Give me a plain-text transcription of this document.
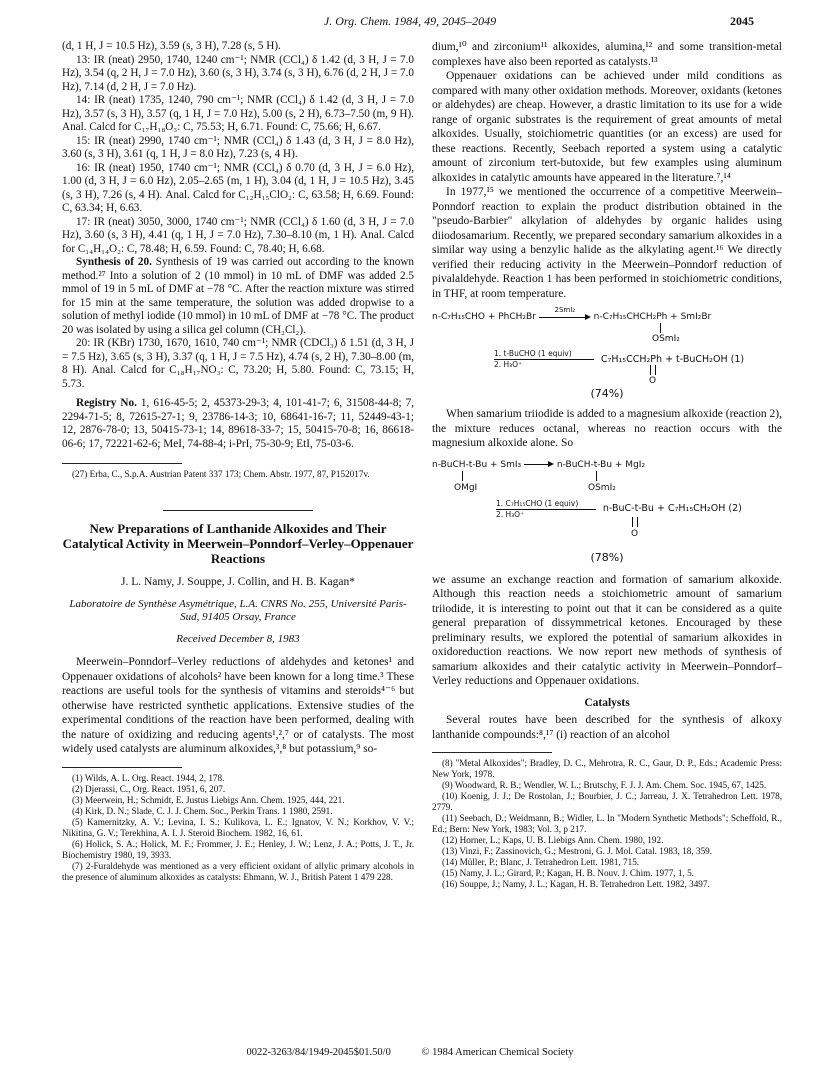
J. Org. Chem. 1984, 49, 2045–2049	2045

(d, 1 H, J = 10.5 Hz), 3.59 (s, 3 H), 7.28 (s, 5 H).

13: IR (neat) 2950, 1740, 1240 cm⁻¹; NMR (CCl₄) δ 1.42 (d, 3 H, J = 7.0 Hz), 3.54 (q, 2 H, J = 7.0 Hz), 3.60 (s, 3 H), 3.74 (s, 3 H), 6.76 (d, 2 H, J = 7.0 Hz), 7.14 (d, 2 H, J = 7.0 Hz).

14: IR (neat) 1735, 1240, 790 cm⁻¹; NMR (CCl₄) δ 1.42 (d, 3 H, J = 7.0 Hz), 3.57 (s, 3 H), 3.57 (q, 1 H, J = 7.0 Hz), 5.00 (s, 2 H), 6.73–7.50 (m, 9 H). Anal. Calcd for C₁₇H₁₈O₃: C, 75.53; H, 6.71. Found: C, 75.66; H, 6.67.

15: IR (neat) 2990, 1740 cm⁻¹; NMR (CCl₄) δ 1.43 (d, 3 H, J = 8.0 Hz), 3.60 (s, 3 H), 3.61 (q, 1 H, J = 8.0 Hz), 7.23 (s, 4 H).

16: IR (neat) 1950, 1740 cm⁻¹; NMR (CCl₄) δ 0.70 (d, 3 H, J = 6.0 Hz), 1.00 (d, 3 H, J = 6.0 Hz), 2.05–2.65 (m, 1 H), 3.04 (d, 1 H, J = 10.5 Hz), 3.45 (s, 3 H), 7.26 (s, 4 H). Anal. Calcd for C₁₂H₁₅ClO₂: C, 63.58; H, 6.69. Found: C, 63.34; H, 6.63.

17: IR (neat) 3050, 3000, 1740 cm⁻¹; NMR (CCl₄) δ 1.60 (d, 3 H, J = 7.0 Hz), 3.60 (s, 3 H), 4.41 (q, 1 H, J = 7.0 Hz), 7.30–8.10 (m, 1 H). Anal. Calcd for C₁₄H₁₄O₂: C, 78.48; H, 6.59. Found: C, 78.40; H, 6.68.

Synthesis of 20. Synthesis of 19 was carried out according to the known method.²⁷ Into a solution of 2 (10 mmol) in 10 mL of DMF was added 2.5 mmol of 19 in 5 mL of DMF at −78 °C. After the reaction mixture was stirred for 15 min at the same temperature, the solution was added dropwise to a solution of methyl iodide (10 mmol) in 10 mL of DMF at −78 °C. The product 20 was isolated by using a silica gel column (CH₂Cl₂).

20: IR (KBr) 1730, 1670, 1610, 740 cm⁻¹; NMR (CDCl₃) δ 1.51 (d, 3 H, J = 7.5 Hz), 3.65 (s, 3 H), 3.37 (q, 1 H, J = 7.5 Hz), 4.74 (s, 2 H), 7.30–8.00 (m, 8 H). Anal. Calcd for C₁₈H₁₇NO₃: C, 73.20; H, 5.80. Found: C, 73.15; H, 5.73.

Registry No. 1, 616-45-5; 2, 45373-29-3; 4, 101-41-7; 6, 31508-44-8; 7, 2294-71-5; 8, 72615-27-1; 9, 23786-14-3; 10, 68641-16-7; 11, 52449-43-1; 12, 2876-78-0; 13, 50415-73-1; 14, 89618-33-7; 15, 50415-70-8; 16, 86618-06-6; 17, 72221-62-6; MeI, 74-88-4; i-PrI, 75-30-9; EtI, 75-03-6.

(27) Erba, C., S.p.A. Austrian Patent 337 173; Chem. Abstr. 1977, 87, P152017v.

New Preparations of Lanthanide Alkoxides and Their Catalytical Activity in Meerwein–Ponndorf–Verley–Oppenauer Reactions
J. L. Namy, J. Souppe, J. Collin, and H. B. Kagan*
Laboratoire de Synthèse Asymétrique, L.A. CNRS No. 255, Université Paris-Sud, 91405 Orsay, France
Received December 8, 1983

Meerwein–Ponndorf–Verley reductions of aldehydes and ketones¹ and Oppenauer oxidations of alcohols² have been known for a long time.³ These reactions are useful tools for the synthesis of vitamins and steroids⁴⁻⁶ but otherwise have restricted synthetic applications. Extensive studies of the experimental conditions of the reaction have been performed, dealing with the nature of oxidizing and reducing agents¹,²,⁷ or of catalysts. The most widely used catalysts are aluminum alkoxides,³,⁸ but potassium,⁹ so-

(1) Wilds, A. L. Org. React. 1944, 2, 178.

(2) Djerassi, C., Org. React. 1951, 6, 207.

(3) Meerwein, H.; Schmidt, E. Justus Liebigs Ann. Chem. 1925, 444, 221.

(4) Kirk, D. N.; Slade, C. J. J. Chem. Soc., Perkin Trans. 1 1980, 2591.

(5) Kamernitzky, A. V.; Levina, I. S.; Kulikova, L. E.; Ignatov, V. N.; Korkhov, V. V.; Nikitina, G. V.; Terekhina, A. I. J. Steroid Biochem. 1982, 16, 61.

(6) Holick, S. A.; Holick, M. F.; Frommer, J. E.; Henley, J. W.; Lenz, J. A.; Potts, J. T., Jr. Biochemistry 1980, 19, 3933.

(7) 2-Furaldehyde was mentioned as a very efficient oxidant of allylic primary alcohols in the presence of aluminum alkoxides as catalysts: Ehmann, W. J., British Patent 1 479 228.

dium,¹⁰ and zirconium¹¹ alkoxides, alumina,¹² and some transition-metal complexes have also been reported as catalysts.¹³

Oppenauer oxidations can be achieved under mild conditions as compared with many other oxidation methods. Moreover, oxidants (ketones or aldehydes) are cheap. However, a drastic limitation to its use for a wide range of organic substrates is the requirement of great amounts of metal alkoxides. Usually, stoichiometric quantities (or an excess) are used for these reactions. Recently, Seebach reported a system using a catalytic amount of zirconium tert-butoxide, but few examples using aluminum alkoxides in catalytic amounts have appeared in the literature.⁷,¹⁴

In 1977,¹⁵ we mentioned the occurrence of a competitive Meerwein–Ponndorf reaction to explain the product distribution obtained in the "pseudo-Barbier" alkylation of aldehydes by organic halides using diiodosamarium. Recently, we prepared secondary samarium alkoxides in a similar way using a benzylic halide as the alkylating agent.¹⁶ We directly verified their reducing activity in the Meerwein–Ponndorf reduction of pivalaldehyde. Reaction 1 has been performed in stoichiometric conditions, in THF, at room temperature.

n-C₇H₁₅CHO + PhCH₂Br
2SmI₂
n-C₇H₁₅CHCH₂Ph + SmI₂Br
OSmI₂
1. t-BuCHO (1 equiv)

2. H₃O⁺	C₇H₁₅CCH₂Ph + t-BuCH₂OH (1)
O
(74%)

When samarium triiodide is added to a magnesium alkoxide (reaction 2), the mixture reduces octanal, whereas no reaction occurs with the magnesium alkoxide alone. So

n-BuCH-t-Bu + SmI₃	n-BuCH-t-Bu + MgI₂
OMgI	OSmI₂
1. C₇H₁₅CHO (1 equiv)

2. H₃O⁺	n-BuC-t-Bu + C₇H₁₅CH₂OH (2)
O
(78%)

we assume an exchange reaction and formation of samarium alkoxide. Although this reaction needs a stoichiometric amount of samarium triiodide, it is interesting to point out that it can be considered as a quite general preparation of dissymmetrical ketones. Encouraged by these preliminary results, we explored the potential of samarium alkoxides in oxidoreduction reactions. We now report new methods of synthesis of samarium alkoxides and their catalytic activity in Meerwein–Ponndorf–Verley reductions and Oppenauer oxidations.

Catalysts

Several routes have been described for the synthesis of alkoxy lanthanide compounds:⁸,¹⁷ (i) reaction of an alcohol

(8) "Metal Alkoxides"; Bradley, D. C., Mehrotra, R. C., Gaur, D. P., Eds.; Academic Press: New York, 1978.

(9) Woodward, R. B.; Wendler, W. L.; Brutschy, F. J. J. Am. Chem. Soc. 1945, 67, 1425.

(10) Koenig, J. J.; De Rostolan, J.; Bourbier, J. C.; Jarreau, J. X. Tetrahedron Lett. 1978, 2779.

(11) Seebach, D.; Weidmann, B.; Widler, L. In "Modern Synthetic Methods"; Scheffold, R., Ed.; Bern: New York, 1983; Vol. 3, p 217.

(12) Horner, L.; Kaps, U. B. Liebigs Ann. Chem. 1980, 192.

(13) Vinzi, F.; Zassinovich, G.; Mestroni, G. J. Mol. Catal. 1983, 18, 359.

(14) Müller, P.; Blanc, J. Tetrahedron Lett. 1981, 715.

(15) Namy, J. L.; Girard, P.; Kagan, H. B. Nouv. J. Chim. 1977, 1, 5.

(16) Souppe, J.; Namy, J. L.; Kagan, H. B. Tetrahedron Lett. 1982, 3497.

0022-3263/84/1949-2045$01.50/0	© 1984 American Chemical Society
